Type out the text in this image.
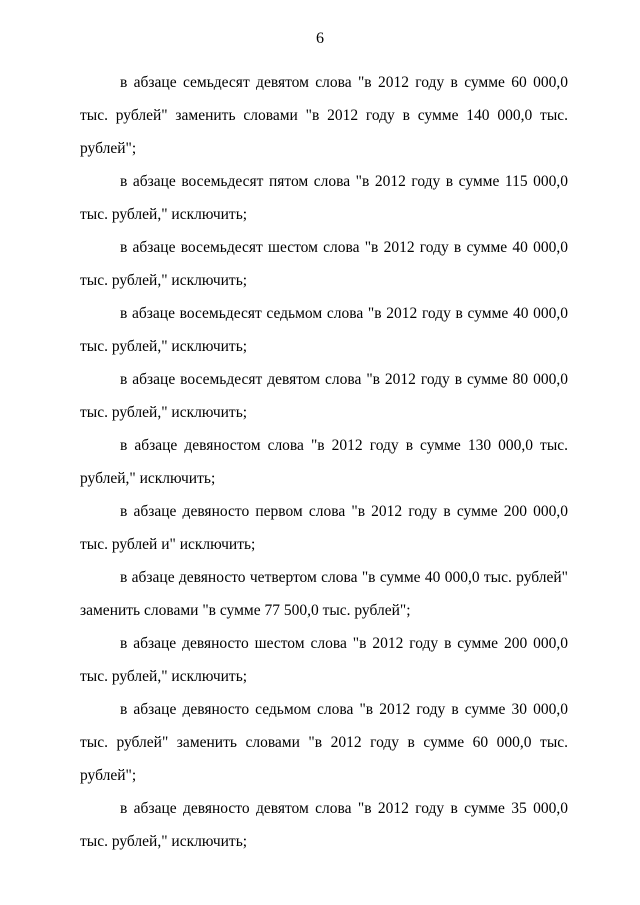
6

в абзаце семьдесят девятом слова "в 2012 году в сумме 60 000,0 тыс. рублей" заменить словами "в 2012 году в сумме 140 000,0 тыс. рублей";

в абзаце восемьдесят пятом слова "в 2012 году в сумме 115 000,0 тыс. рублей," исключить;

в абзаце восемьдесят шестом слова "в 2012 году в сумме 40 000,0 тыс. рублей," исключить;

в абзаце восемьдесят седьмом слова "в 2012 году в сумме 40 000,0 тыс. рублей," исключить;

в абзаце восемьдесят девятом слова "в 2012 году в сумме 80 000,0 тыс. рублей," исключить;

в абзаце девяностом слова "в 2012 году в сумме 130 000,0 тыс. рублей," исключить;

в абзаце девяносто первом слова "в 2012 году в сумме 200 000,0 тыс. рублей и" исключить;

в абзаце девяносто четвертом слова "в сумме 40 000,0 тыс. рублей" заменить словами "в сумме 77 500,0 тыс. рублей";

в абзаце девяносто шестом слова "в 2012 году в сумме 200 000,0 тыс. рублей," исключить;

в абзаце девяносто седьмом слова "в 2012 году в сумме 30 000,0 тыс. рублей" заменить словами "в 2012 году в сумме 60 000,0 тыс. рублей";

в абзаце девяносто девятом слова "в 2012 году в сумме 35 000,0 тыс. рублей," исключить;
